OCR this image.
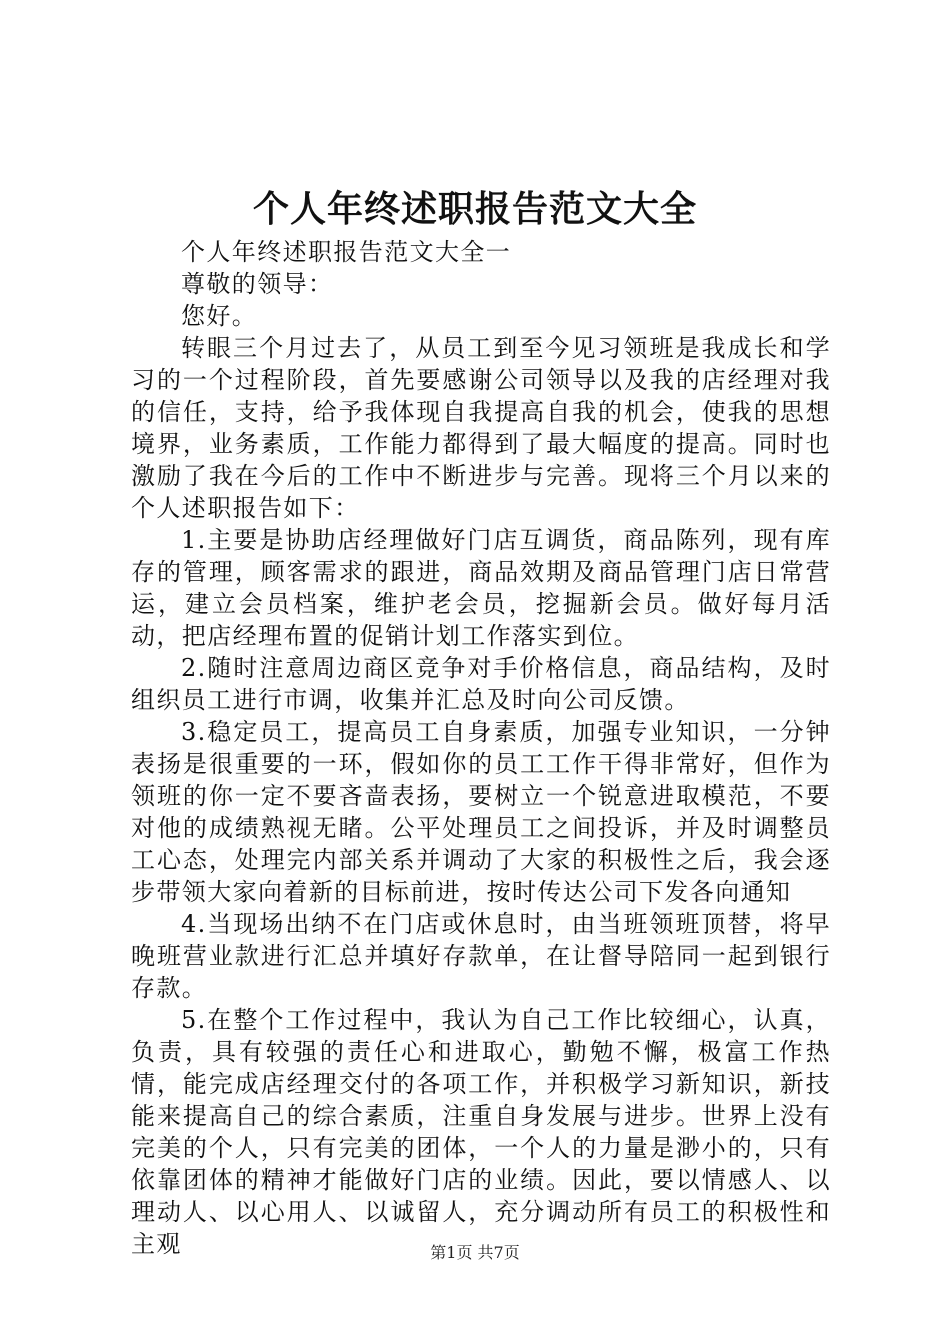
个人年终述职报告范文大全

个人年终述职报告范文大全一

尊敬的领导：

您好。

转眼三个月过去了，从员工到至今见习领班是我成长和学习的一个过程阶段，首先要感谢公司领导以及我的店经理对我的信任，支持，给予我体现自我提高自我的机会，使我的思想境界，业务素质，工作能力都得到了最大幅度的提高。同时也激励了我在今后的工作中不断进步与完善。现将三个月以来的个人述职报告如下：

1.主要是协助店经理做好门店互调货，商品陈列，现有库存的管理，顾客需求的跟进，商品效期及商品管理门店日常营运，建立会员档案，维护老会员，挖掘新会员。做好每月活动，把店经理布置的促销计划工作落实到位。

2.随时注意周边商区竞争对手价格信息，商品结构，及时组织员工进行市调，收集并汇总及时向公司反馈。

3.稳定员工，提高员工自身素质，加强专业知识，一分钟表扬是很重要的一环，假如你的员工工作干得非常好，但作为领班的你一定不要吝啬表扬，要树立一个锐意进取模范，不要对他的成绩熟视无睹。公平处理员工之间投诉，并及时调整员工心态，处理完内部关系并调动了大家的积极性之后，我会逐步带领大家向着新的目标前进，按时传达公司下发各向通知

4.当现场出纳不在门店或休息时，由当班领班顶替，将早晚班营业款进行汇总并填好存款单，在让督导陪同一起到银行存款。

5.在整个工作过程中，我认为自己工作比较细心，认真，负责，具有较强的责任心和进取心，勤勉不懈，极富工作热情，能完成店经理交付的各项工作，并积极学习新知识，新技能来提高自己的综合素质，注重自身发展与进步。世界上没有完美的个人，只有完美的团体，一个人的力量是渺小的，只有依靠团体的精神才能做好门店的业绩。因此，要以情感人、以理动人、以心用人、以诚留人，充分调动所有员工的积极性和主观	第1页 共7页
